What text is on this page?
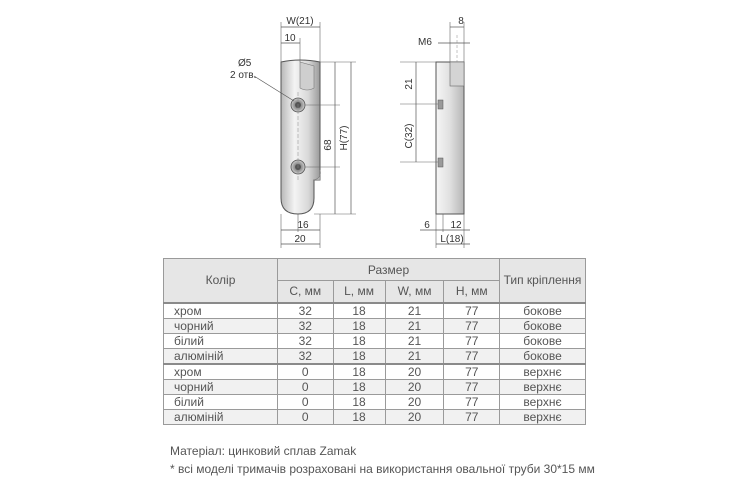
W(21)
10
Ø5
2 отв.
H(77)
68
16
20
8
M6
21
C(32)
6 12
L(18)
Колір	Размер				Тип кріплення
	C, мм	L, мм	W, мм	H, мм	
хром	32	18	21	77	бокове
чорний	32	18	21	77	бокове
білий	32	18	21	77	бокове
алюміній	32	18	21	77	бокове
хром	0	18	20	77	верхнє
чорний	0	18	20	77	верхнє
білий	0	18	20	77	верхнє
алюміній	0	18	20	77	верхнє
Матеріал: цинковий сплав Zamak
* всі моделі тримачів розраховані на використання овальної труби 30*15 мм
